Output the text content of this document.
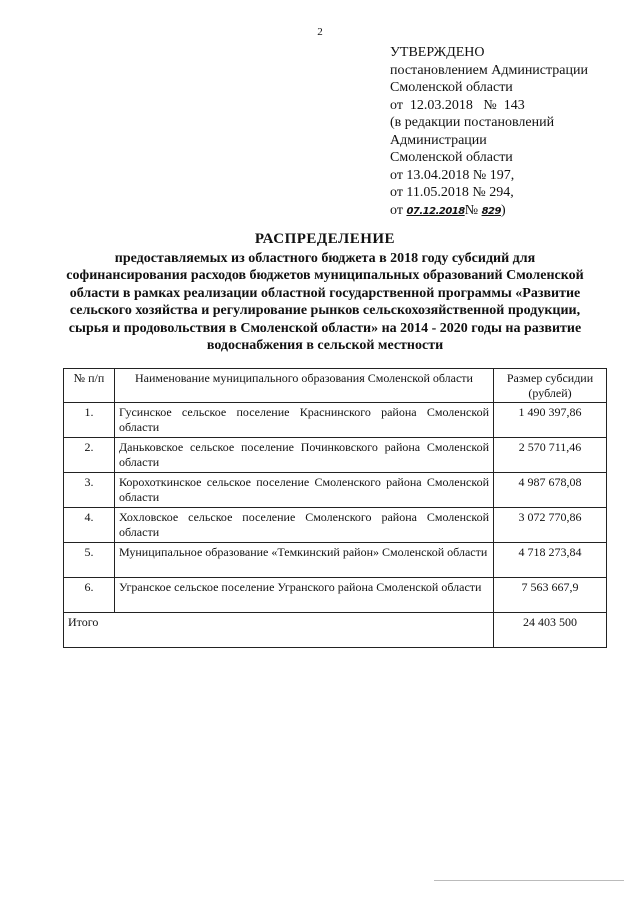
2
УТВЕРЖДЕНО
постановлением Администрации
Смоленской области
от  12.03.2018   №  143
(в редакции постановлений
Администрации
Смоленской области
от 13.04.2018 № 197,
от 11.05.2018 № 294,
от 07.12.2018№ 829)
РАСПРЕДЕЛЕНИЕ
предоставляемых из областного бюджета в 2018 году субсидий для софинансирования расходов бюджетов муниципальных образований Смоленской области в рамках реализации областной государственной программы «Развитие сельского хозяйства и регулирование рынков сельскохозяйственной продукции, сырья и продовольствия в Смоленской области» на 2014 - 2020 годы на развитие водоснабжения в сельской местности
№ п/п	Наименование муниципального образования Смоленской области	Размер субсидии (рублей)
1.	Гусинское сельское поселение Краснинского района Смоленской области	1 490 397,86
2.	Даньковское сельское поселение Починковского района Смоленской области	2 570 711,46
3.	Корохоткинское сельское поселение Смоленского района Смоленской области	4 987 678,08
4.	Хохловское сельское поселение Смоленского района Смоленской области	3 072 770,86
5.	Муниципальное образование «Темкинский район» Смоленской области	4 718 273,84
6.	Угранское сельское поселение Угранского района Смоленской области	7 563 667,9
Итого		24 403 500
